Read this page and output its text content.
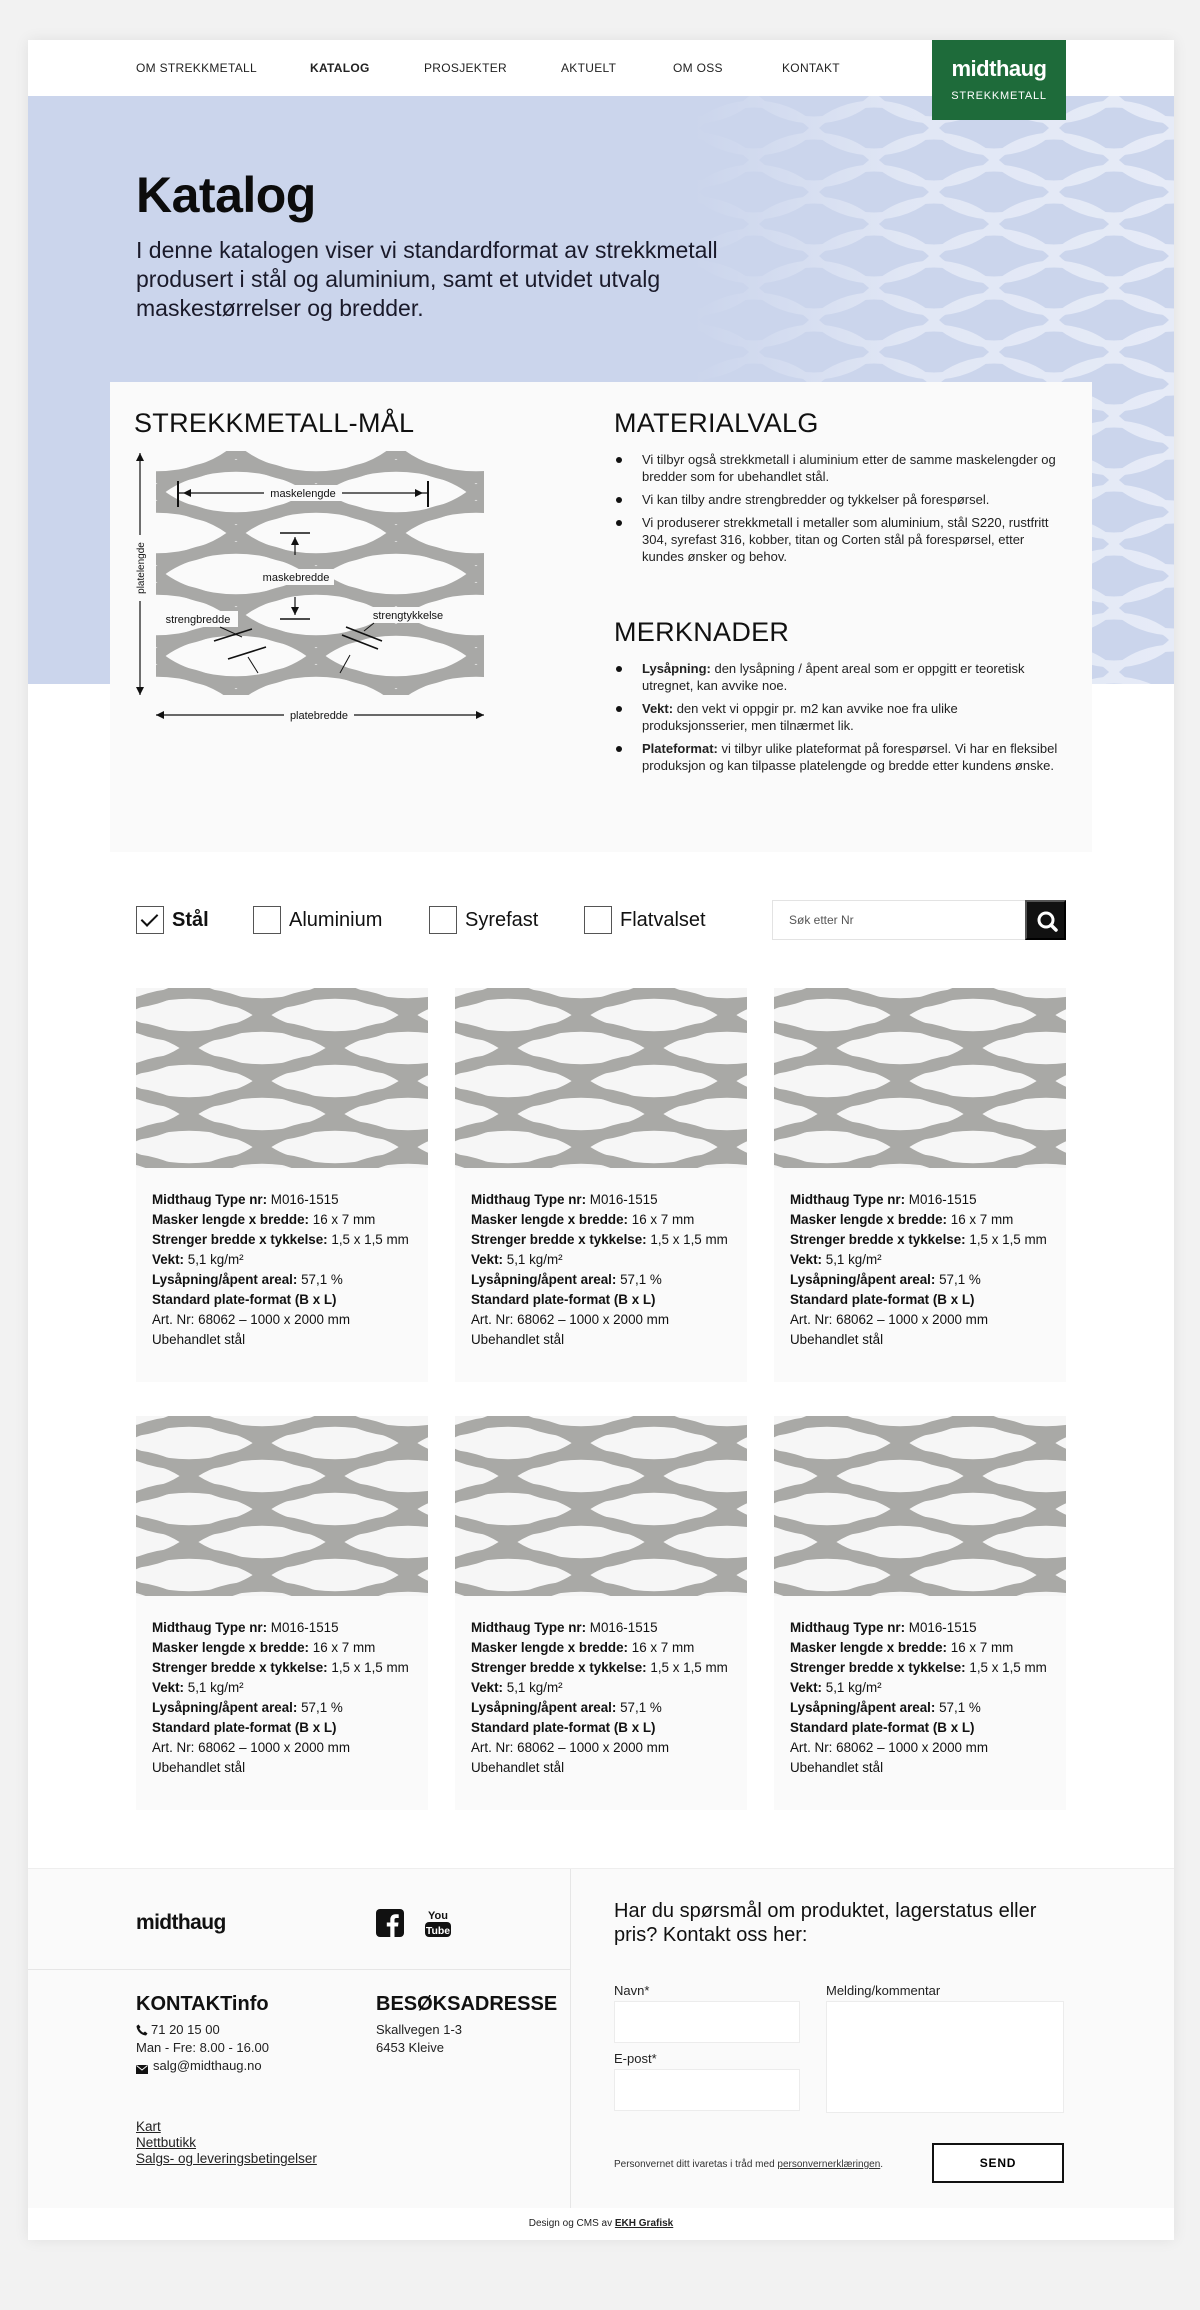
Katalog

I denne katalogen viser vi standardformat av strekkmetall produsert i stål og aluminium, samt et utvidet utvalg maskestørrelser og bredder.

OM STREKKMETALL	KATALOG	PROSJEKTER	AKTUELT	OM OSS	KONTAKT	midthaug
STREKKMETALL
STREKKMETALL-MÅL
maskelengde
maskebredde
strengbredde	strengtykkelse
platelengde
platebredde
MATERIALVALG
Vi tilbyr også strekkmetall i aluminium etter de samme maskelengder og bredder som for ubehandlet stål.
Vi kan tilby andre strengbredder og tykkelser på forespørsel.
Vi produserer strekkmetall i metaller som aluminium, stål S220, rustfritt 304, syrefast 316, kobber, titan og Corten stål på forespørsel, etter kundes ønsker og behov.
MERKNADER
Lysåpning: den lysåpning / åpent areal som er oppgitt er teoretisk utregnet, kan avvike noe.
Vekt: den vekt vi oppgir pr. m2 kan avvike noe fra ulike produksjonsserier, men tilnærmet lik.
Plateformat: vi tilbyr ulike plateformat på forespørsel. Vi har en fleksibel produksjon og kan tilpasse platelengde og bredde etter kundens ønske.
Stål	Aluminium	Syrefast	Flatvalset
Søk etter Nr
Midthaug Type nr: M016-1515
Masker lengde x bredde: 16 x 7 mm
Strenger bredde x tykkelse: 1,5 x 1,5 mm
Vekt: 5,1 kg/m²
Lysåpning/åpent areal: 57,1 %
Standard plate-format (B x L)
Art. Nr: 68062 – 1000 x 2000 mm
Ubehandlet stål
Midthaug Type nr: M016-1515
Masker lengde x bredde: 16 x 7 mm
Strenger bredde x tykkelse: 1,5 x 1,5 mm
Vekt: 5,1 kg/m²
Lysåpning/åpent areal: 57,1 %
Standard plate-format (B x L)
Art. Nr: 68062 – 1000 x 2000 mm
Ubehandlet stål
Midthaug Type nr: M016-1515
Masker lengde x bredde: 16 x 7 mm
Strenger bredde x tykkelse: 1,5 x 1,5 mm
Vekt: 5,1 kg/m²
Lysåpning/åpent areal: 57,1 %
Standard plate-format (B x L)
Art. Nr: 68062 – 1000 x 2000 mm
Ubehandlet stål
Midthaug Type nr: M016-1515
Masker lengde x bredde: 16 x 7 mm
Strenger bredde x tykkelse: 1,5 x 1,5 mm
Vekt: 5,1 kg/m²
Lysåpning/åpent areal: 57,1 %
Standard plate-format (B x L)
Art. Nr: 68062 – 1000 x 2000 mm
Ubehandlet stål
Midthaug Type nr: M016-1515
Masker lengde x bredde: 16 x 7 mm
Strenger bredde x tykkelse: 1,5 x 1,5 mm
Vekt: 5,1 kg/m²
Lysåpning/åpent areal: 57,1 %
Standard plate-format (B x L)
Art. Nr: 68062 – 1000 x 2000 mm
Ubehandlet stål
Midthaug Type nr: M016-1515
Masker lengde x bredde: 16 x 7 mm
Strenger bredde x tykkelse: 1,5 x 1,5 mm
Vekt: 5,1 kg/m²
Lysåpning/åpent areal: 57,1 %
Standard plate-format (B x L)
Art. Nr: 68062 – 1000 x 2000 mm
Ubehandlet stål
midthaug	You
Tube
KONTAKTinfo
71 20 15 00
Man - Fre: 8.00 - 16.00
salg@midthaug.no
BESØKSADRESSE
Skallvegen 1-3
6453 Kleive
Kart
Nettbutikk
Salgs- og leveringsbetingelser
Har du spørsmål om produktet, lagerstatus eller pris? Kontakt oss her:
Navn*
E-post*
Melding/kommentar
Personvernet ditt ivaretas i tråd med personvernerklæringen.	SEND
Design og CMS av EKH Grafisk
